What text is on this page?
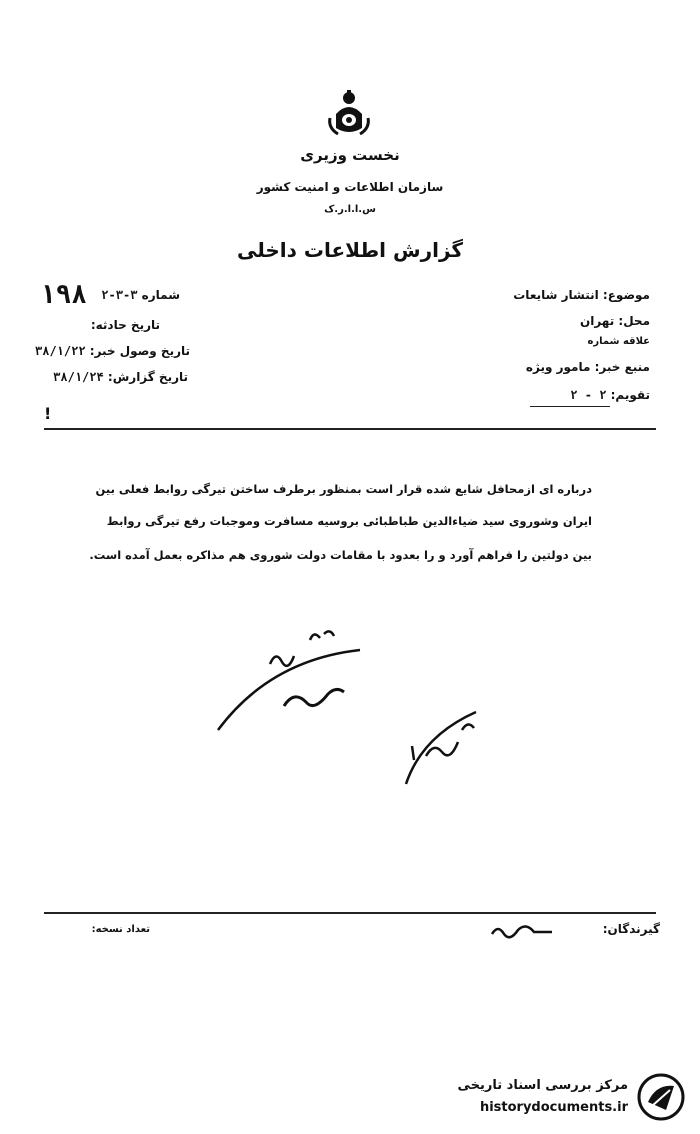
نخست وزیری
سازمان اطلاعات و امنیت کشور
س.ا.ا.ر.ک
گزارش اطلاعات داخلی
شماره ۳-۳-۲
۱۹۸
تاریخ حادثه:
تاریخ وصول خبر: ۳۸/۱/۲۲
تاریخ گزارش: ۳۸/۱/۲۴
!
موضوع: انتشار شایعات
محل: تهران
علاقه شماره
منبع خبر: مامور ویژه
تقویم: ۲ - ۲
درباره ای ازمحافل شایع شده قرار است بمنظور برطرف ساختن تیرگی روابط فعلی بین
ایران وشوروی سید ضیاءالدین طباطبائی بروسیه مسافرت وموجبات رفع تیرگی روابط
بین دولتین را فراهم آورد و را بعدود با مقامات دولت شوروی هم مذاکره بعمل آمده است.
گیرندگان:
تعداد نسخه:
مرکز بررسی اسناد تاریخی
historydocuments.ir
